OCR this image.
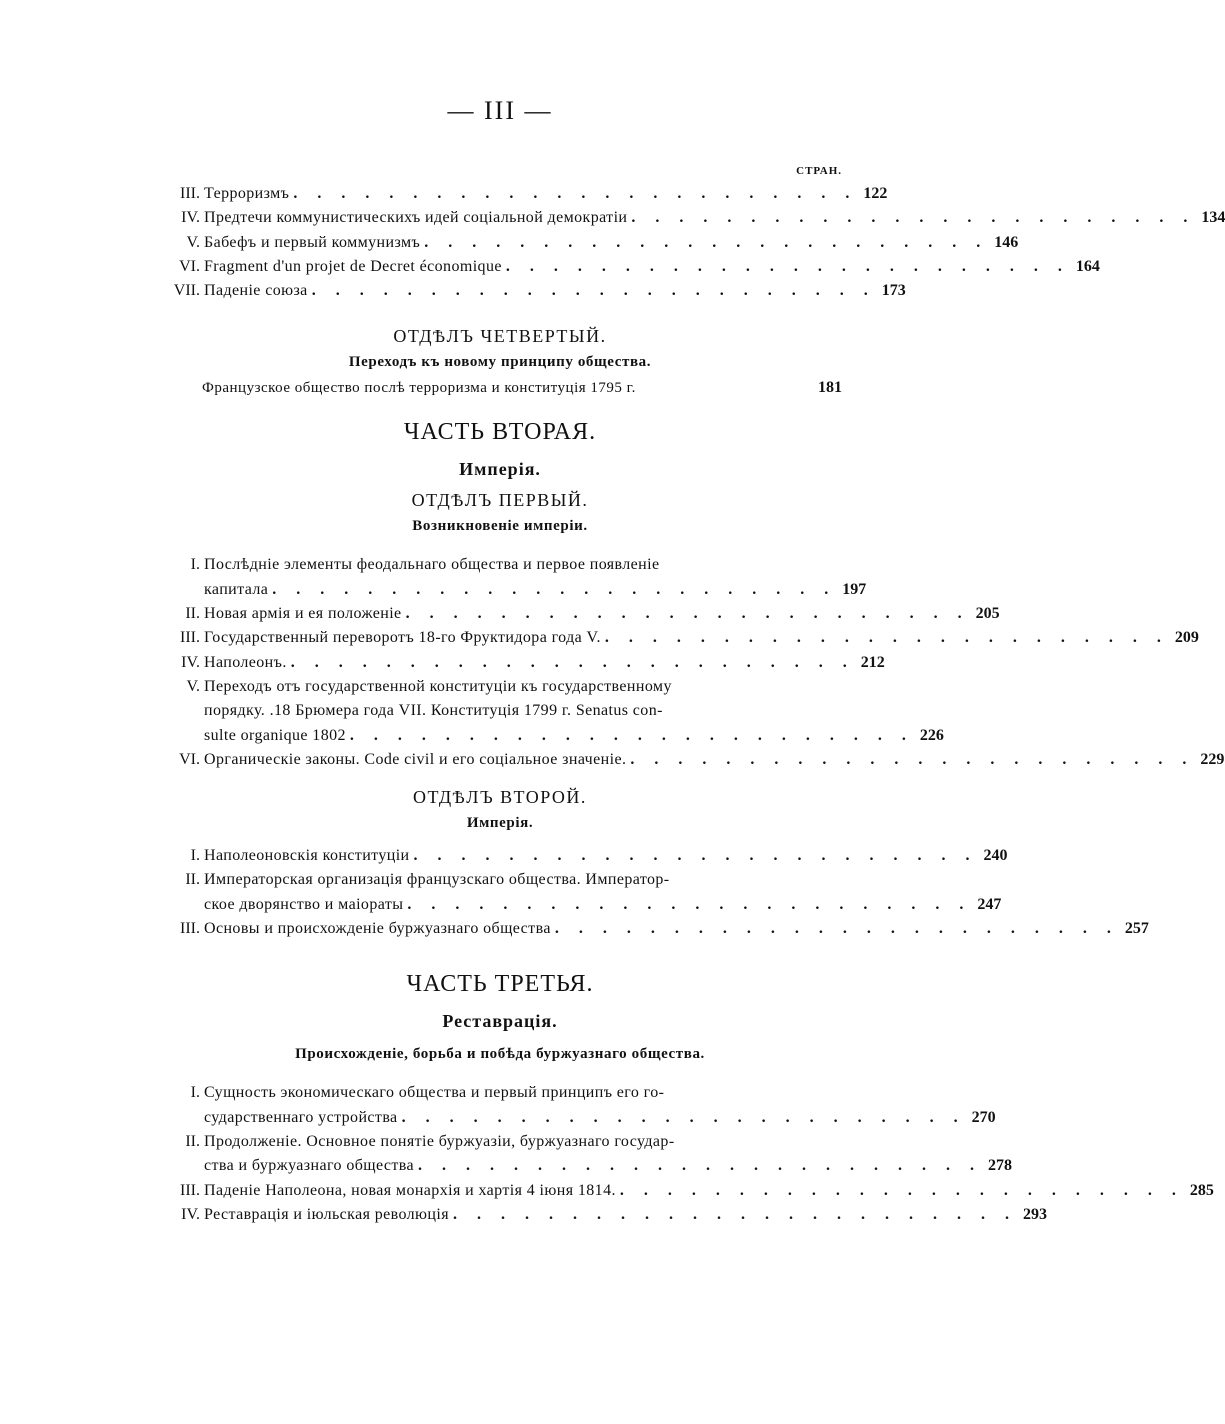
— III —
СТРАН.
III. Терроризмъ .	122
IV. Предтечи коммунистическихъ идей соціальной демократіи .	134
V. Бабефъ и первый коммунизмъ .	146
VI. Fragment d'un projet de Decret économique .	164
VII. Паденіе союза .	173
ОТДѢЛЪ ЧЕТВЕРТЫЙ.
Переходъ къ новому принципу общества.
Французское общество послѣ терроризма и конституція 1795 г.	181
ЧАСТЬ ВТОРАЯ.
Имперія.
ОТДѢЛЪ ПЕРВЫЙ.
Возникновеніе имперіи.
I. Послѣдніе элементы феодальнаго общества и первое появленіе
капитала .	197
II. Новая армія и ея положеніе .	205
III. Государственный переворотъ 18-го Фруктидора года V. .	209
IV. Наполеонъ. .	212
V. Переходъ отъ государственной конституціи къ государственному
порядку. .18 Брюмера года VII. Конституція 1799 г. Senatus con-
sulte organique 1802 .	226
VI. Органическіе законы. Code civil и его соціальное значеніе. .	229
ОТДѢЛЪ ВТОРОЙ.
Имперія.
I. Наполеоновскія конституціи .	240
II. Императорская организація французскаго общества. Император-
ское дворянство и маіораты .	247
III. Основы и происхожденіе буржуазнаго общества .	257
ЧАСТЬ ТРЕТЬЯ.
Реставрація.
Происхожденіе, борьба и побѣда буржуазнаго общества.
I. Сущность экономическаго общества и первый принципъ его го-
сударственнаго устройства .	270
II. Продолженіе. Основное понятіе буржуазіи, буржуазнаго государ-
ства и буржуазнаго общества .	278
III. Паденіе Наполеона, новая монархія и хартія 4 іюня 1814. .	285
IV. Реставрація и іюльская революція .	293
